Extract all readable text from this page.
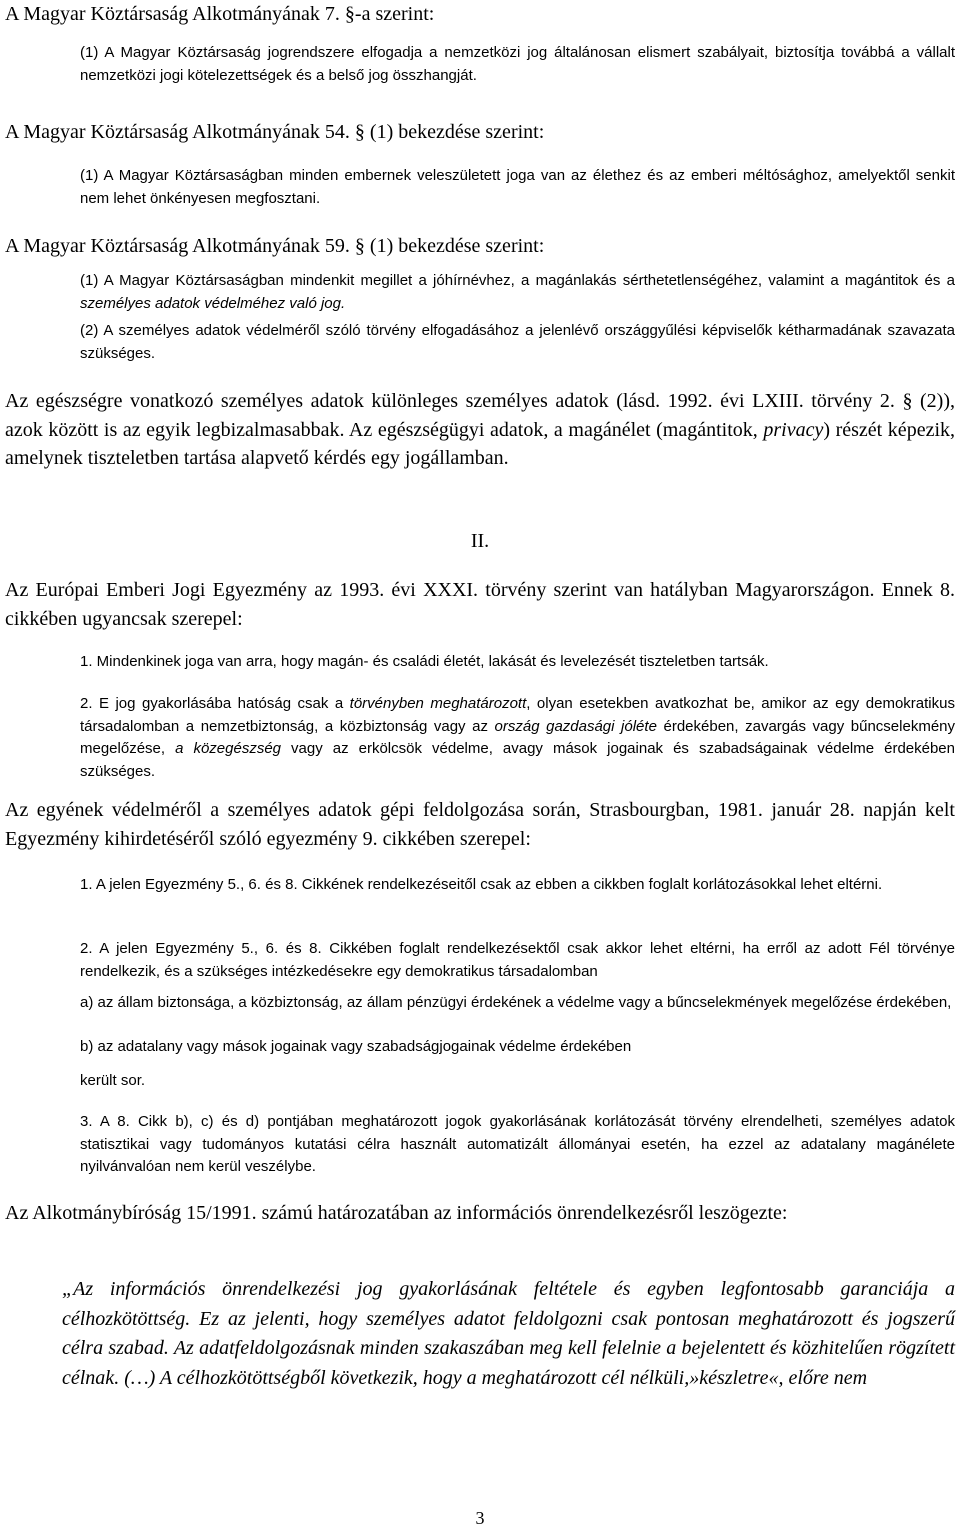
A Magyar Köztársaság Alkotmányának 7. §-a szerint:
(1) A Magyar Köztársaság jogrendszere elfogadja a nemzetközi jog általánosan elismert szabályait, biztosítja továbbá a vállalt nemzetközi jogi kötelezettségek és a belső jog összhangját.
A Magyar Köztársaság Alkotmányának 54. § (1) bekezdése szerint:
(1) A Magyar Köztársaságban minden embernek veleszületett joga van az élethez és az emberi méltósághoz, amelyektől senkit nem lehet önkényesen megfosztani.
A Magyar Köztársaság Alkotmányának 59. § (1) bekezdése szerint:
(1) A Magyar Köztársaságban mindenkit megillet a jóhírnévhez, a magánlakás sérthetetlenségéhez, valamint a magántitok és a személyes adatok védelméhez való jog.
(2) A személyes adatok védelméről szóló törvény elfogadásához a jelenlévő országgyűlési képviselők kétharmadának szavazata szükséges.
Az egészségre vonatkozó személyes adatok különleges személyes adatok (lásd. 1992. évi LXIII. törvény 2. § (2)), azok között is az egyik legbizalmasabbak. Az egészségügyi adatok, a magánélet (magántitok, privacy) részét képezik, amelynek tiszteletben tartása alapvető kérdés egy jogállamban.
II.
Az Európai Emberi Jogi Egyezmény az 1993. évi XXXI. törvény szerint van hatályban Magyarországon. Ennek 8. cikkében ugyancsak szerepel:
1. Mindenkinek joga van arra, hogy magán- és családi életét, lakását és levelezését tiszteletben tartsák.
2. E jog gyakorlásába hatóság csak a törvényben meghatározott, olyan esetekben avatkozhat be, amikor az egy demokratikus társadalomban a nemzetbiztonság, a közbiztonság vagy az ország gazdasági jóléte érdekében, zavargás vagy bűncselekmény megelőzése, a közegészség vagy az erkölcsök védelme, avagy mások jogainak és szabadságainak védelme érdekében szükséges.
Az egyének védelméről a személyes adatok gépi feldolgozása során, Strasbourgban, 1981. január 28. napján kelt Egyezmény kihirdetéséről szóló egyezmény 9. cikkében szerepel:
1. A jelen Egyezmény 5., 6. és 8. Cikkének rendelkezéseitől csak az ebben a cikkben foglalt korlátozásokkal lehet eltérni.
2. A jelen Egyezmény 5., 6. és 8. Cikkében foglalt rendelkezésektől csak akkor lehet eltérni, ha erről az adott Fél törvénye rendelkezik, és a szükséges intézkedésekre egy demokratikus társadalomban
a) az állam biztonsága, a közbiztonság, az állam pénzügyi érdekének a védelme vagy a bűncselekmények megelőzése érdekében,
b) az adatalany vagy mások jogainak vagy szabadságjogainak védelme érdekében
került sor.
3. A 8. Cikk b), c) és d) pontjában meghatározott jogok gyakorlásának korlátozását törvény elrendelheti, személyes adatok statisztikai vagy tudományos kutatási célra használt automatizált állományai esetén, ha ezzel az adatalany magánélete nyilvánvalóan nem kerül veszélybe.
Az Alkotmánybíróság 15/1991. számú határozatában az információs önrendelkezésről leszögezte:
„Az információs önrendelkezési jog gyakorlásának feltétele és egyben legfontosabb garanciája a célhozkötöttség. Ez az jelenti, hogy személyes adatot feldolgozni csak pontosan meghatározott és jogszerű célra szabad. Az adatfeldolgozásnak minden szakaszában meg kell felelnie a bejelentett és közhitelűen rögzített célnak. (…) A célhozkötöttségből következik, hogy a meghatározott cél nélküli,»készletre«, előre nem
3
